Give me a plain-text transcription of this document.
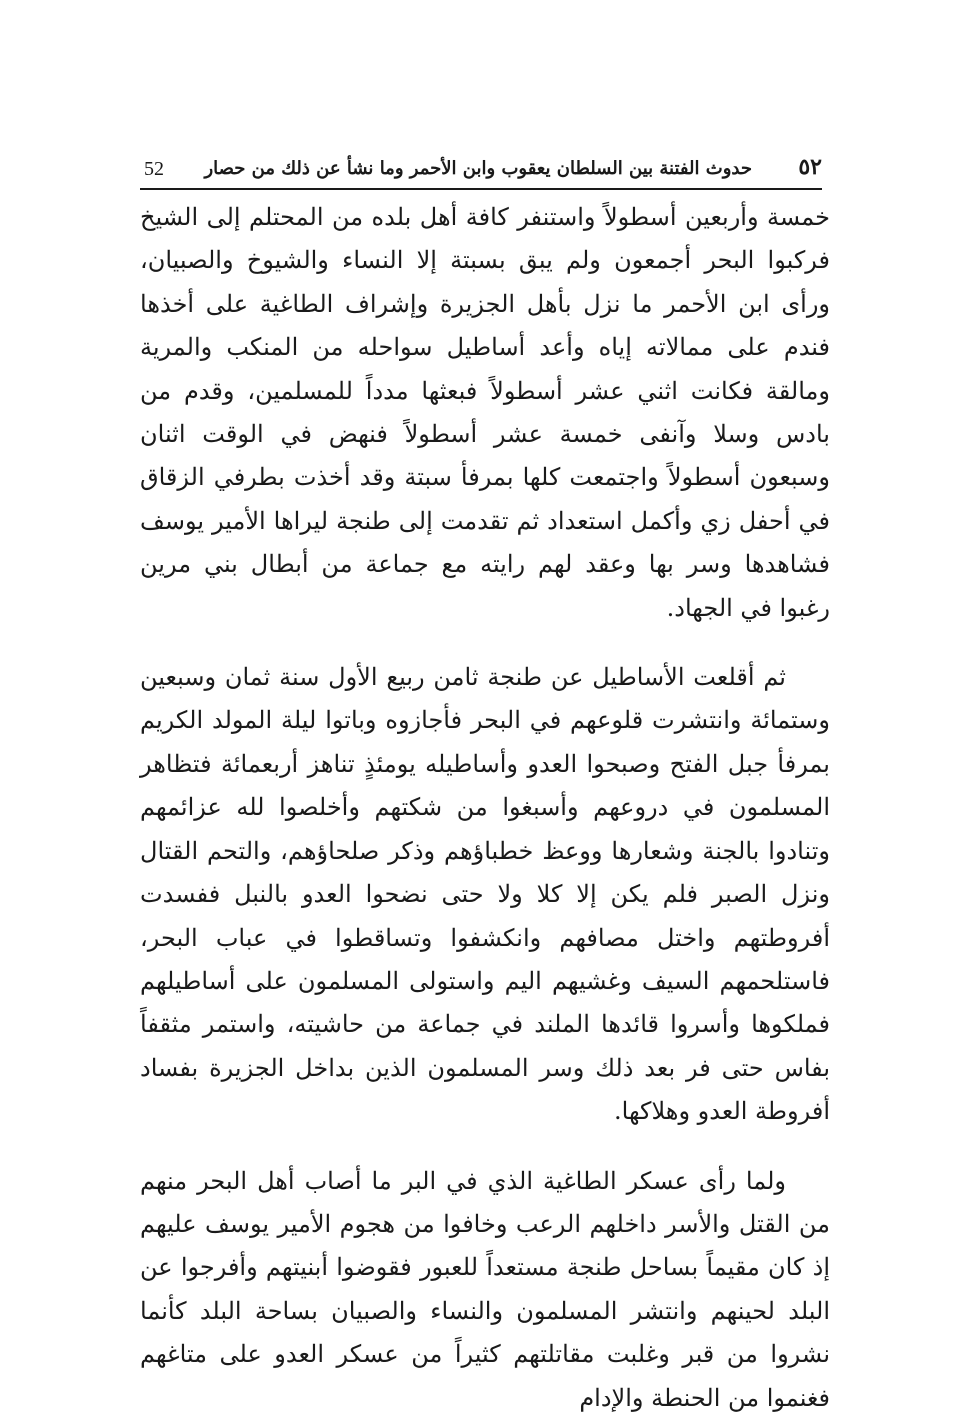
٥٢
حدوث الفتنة بين السلطان يعقوب وابن الأحمر وما نشأ عن ذلك من حصار
52

خمسة وأربعين أسطولاً واستنفر كافة أهل بلده من المحتلم إلى الشيخ فركبوا البحر أجمعون ولم يبق بسبتة إلا النساء والشيوخ والصبيان، ورأى ابن الأحمر ما نزل بأهل الجزيرة وإشراف الطاغية على أخذها فندم على ممالاته إياه وأعد أساطيل سواحله من المنكب والمرية ومالقة فكانت اثني عشر أسطولاً فبعثها مدداً للمسلمين، وقدم من بادس وسلا وآنفى خمسة عشر أسطولاً فنهض في الوقت اثنان وسبعون أسطولاً واجتمعت كلها بمرفأ سبتة وقد أخذت بطرفي الزقاق في أحفل زي وأكمل استعداد ثم تقدمت إلى طنجة ليراها الأمير يوسف فشاهدها وسر بها وعقد لهم رايته مع جماعة من أبطال بني مرين رغبوا في الجهاد.

ثم أقلعت الأساطيل عن طنجة ثامن ربيع الأول سنة ثمان وسبعين وستمائة وانتشرت قلوعهم في البحر فأجازوه وباتوا ليلة المولد الكريم بمرفأ جبل الفتح وصبحوا العدو وأساطيله يومئذٍ تناهز أربعمائة فتظاهر المسلمون في دروعهم وأسبغوا من شكتهم وأخلصوا لله عزائمهم وتنادوا بالجنة وشعارها ووعظ خطباؤهم وذكر صلحاؤهم، والتحم القتال ونزل الصبر فلم يكن إلا كلا ولا حتى نضحوا العدو بالنبل ففسدت أفروطتهم واختل مصافهم وانكشفوا وتساقطوا في عباب البحر، فاستلحمهم السيف وغشيهم اليم واستولى المسلمون على أساطيلهم فملكوها وأسروا قائدها الملند في جماعة من حاشيته، واستمر مثقفاً بفاس حتى فر بعد ذلك وسر المسلمون الذين بداخل الجزيرة بفساد أفروطة العدو وهلاكها.

ولما رأى عسكر الطاغية الذي في البر ما أصاب أهل البحر منهم من القتل والأسر داخلهم الرعب وخافوا من هجوم الأمير يوسف عليهم إذ كان مقيماً بساحل طنجة مستعداً للعبور فقوضوا أبنيتهم وأفرجوا عن البلد لحينهم وانتشر المسلمون والنساء والصبيان بساحة البلد كأنما نشروا من قبر وغلبت مقاتلتهم كثيراً من عسكر العدو على متاغهم فغنموا من الحنطة والإدام
